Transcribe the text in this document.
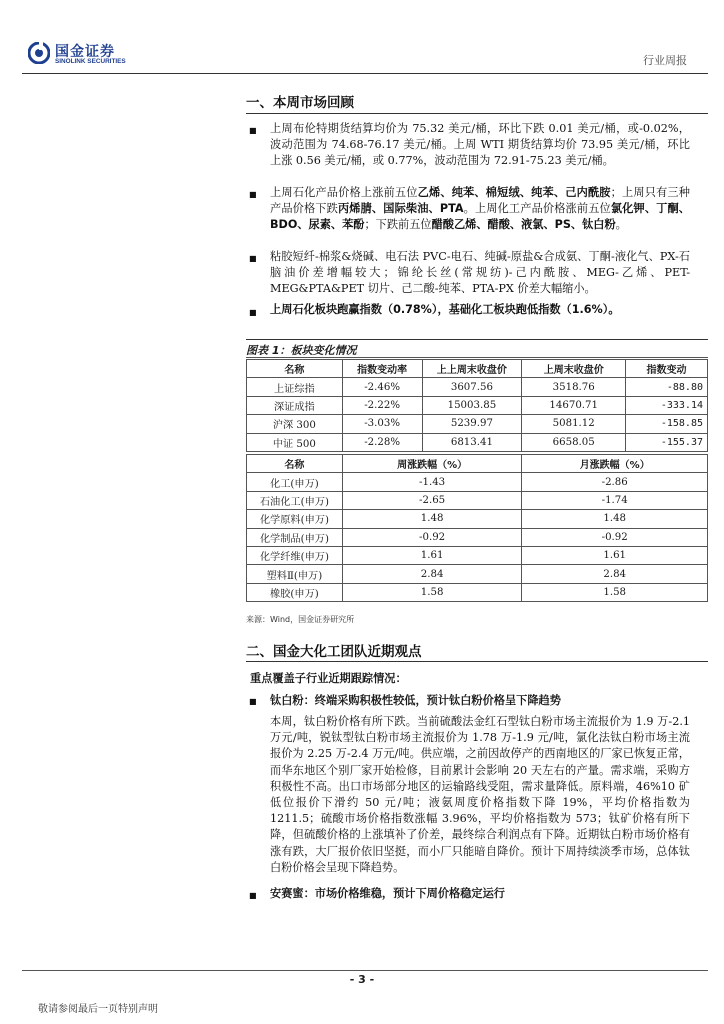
国金证券
SINOLINK SECURITIES	行业周报
一、本周市场回顾
■ 上周布伦特期货结算均价为 75.32 美元/桶，环比下跌 0.01 美元/桶，或-0.02%，波动范围为 74.68-76.17 美元/桶。上周 WTI 期货结算均价 73.95 美元/桶，环比上涨 0.56 美元/桶，或 0.77%，波动范围为 72.91-75.23 美元/桶。
■ 上周石化产品价格上涨前五位乙烯、纯苯、棉短绒、纯苯、己内酰胺；上周只有三种产品价格下跌丙烯腈、国际柴油、PTA。上周化工产品价格涨前五位氯化钾、丁酮、BDO、尿素、苯酚；下跌前五位醋酸乙烯、醋酸、液氯、PS、钛白粉。
■ 粘胶短纤-棉浆&烧碱、电石法 PVC-电石、纯碱-原盐&合成氨、丁酮-液化气、PX-石脑油价差增幅较大；锦纶长丝(常规纺)-己内酰胺、MEG-乙烯、PET-MEG&PTA&PET 切片、己二酸-纯苯、PTA-PX 价差大幅缩小。
■ 上周石化板块跑赢指数（0.78%），基础化工板块跑低指数（1.6%）。
图表 1：板块变化情况
名称	指数变动率	上上周末收盘价	上周末收盘价	指数变动
上证综指	-2.46%	3607.56	3518.76	-88.80
深证成指	-2.22%	15003.85	14670.71	-333.14
沪深 300	-3.03%	5239.97	5081.12	-158.85
中证 500	-2.28%	6813.41	6658.05	-155.37
名称	周涨跌幅（%）	月涨跌幅（%）
化工(申万)	-1.43	-2.86
石油化工(申万)	-2.65	-1.74
化学原料(申万)	1.48	1.48
化学制品(申万)	-0.92	-0.92
化学纤维(申万)	1.61	1.61
塑料Ⅱ(申万)	2.84	2.84
橡胶(申万)	1.58	1.58
来源：Wind，国金证券研究所
二、国金大化工团队近期观点
重点覆盖子行业近期跟踪情况：
■ 钛白粉：终端采购积极性较低，预计钛白粉价格呈下降趋势
本周，钛白粉价格有所下跌。当前硫酸法金红石型钛白粉市场主流报价为 1.9 万-2.1 万元/吨，锐钛型钛白粉市场主流报价为 1.78 万-1.9 元/吨，氯化法钛白粉市场主流报价为 2.25 万-2.4 万元/吨。供应端，之前因故停产的西南地区的厂家已恢复正常，而华东地区个别厂家开始检修，目前累计会影响 20 天左右的产量。需求端，采购方积极性不高。出口市场部分地区的运输路线受阻，需求量降低。原料端，46%10 矿低位报价下滑约 50 元/吨；液氨周度价格指数下降 19%，平均价格指数为 1211.5；硫酸市场价格指数涨幅 3.96%，平均价格指数为 573；钛矿价格有所下降，但硫酸价格的上涨填补了价差，最终综合利润点有下降。近期钛白粉市场价格有涨有跌，大厂报价依旧坚挺，而小厂只能暗自降价。预计下周持续淡季市场，总体钛白粉价格会呈现下降趋势。
■ 安赛蜜：市场价格维稳，预计下周价格稳定运行
- 3 -
敬请参阅最后一页特别声明
